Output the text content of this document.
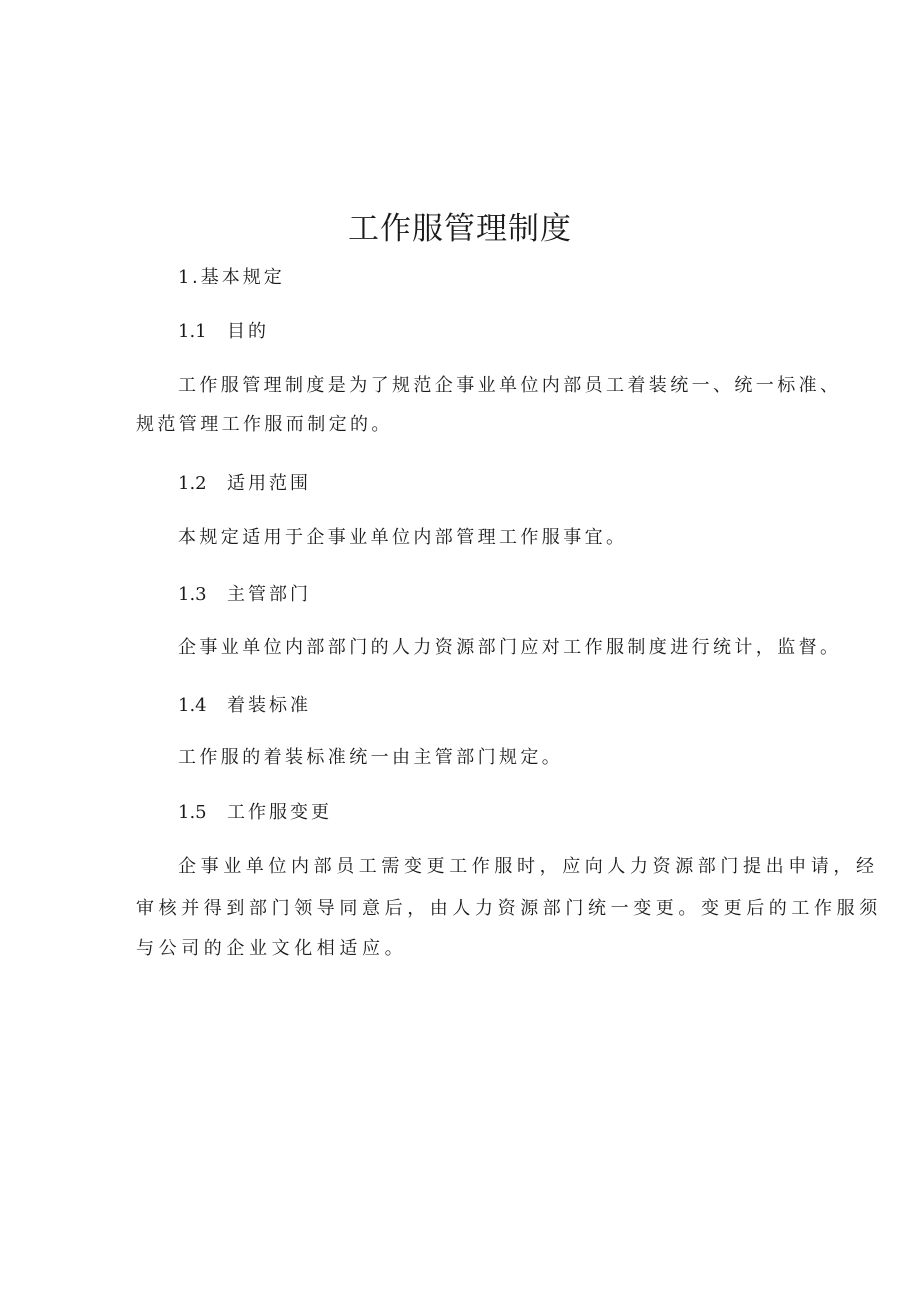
工作服管理制度
1 .基本规定
1.1 目的

工作服管理制度是为了规范企事业单位内部员工着装统一、统一标准、

规范管理工作服而制定的。

1.2 适用范围

本规定适用于企事业单位内部管理工作服事宜。

1.3 主管部门

企事业单位内部部门的人力资源部门应对工作服制度进行统计，监督。

1.4 着装标准

工作服的着装标准统一由主管部门规定。

1.5 工作服变更

企事业单位内部员工需变更工作服时，应向人力资源部门提出申请，经

审核并得到部门领导同意后，由人力资源部门统一变更。变更后的工作服须

与公司的企业文化相适应。
